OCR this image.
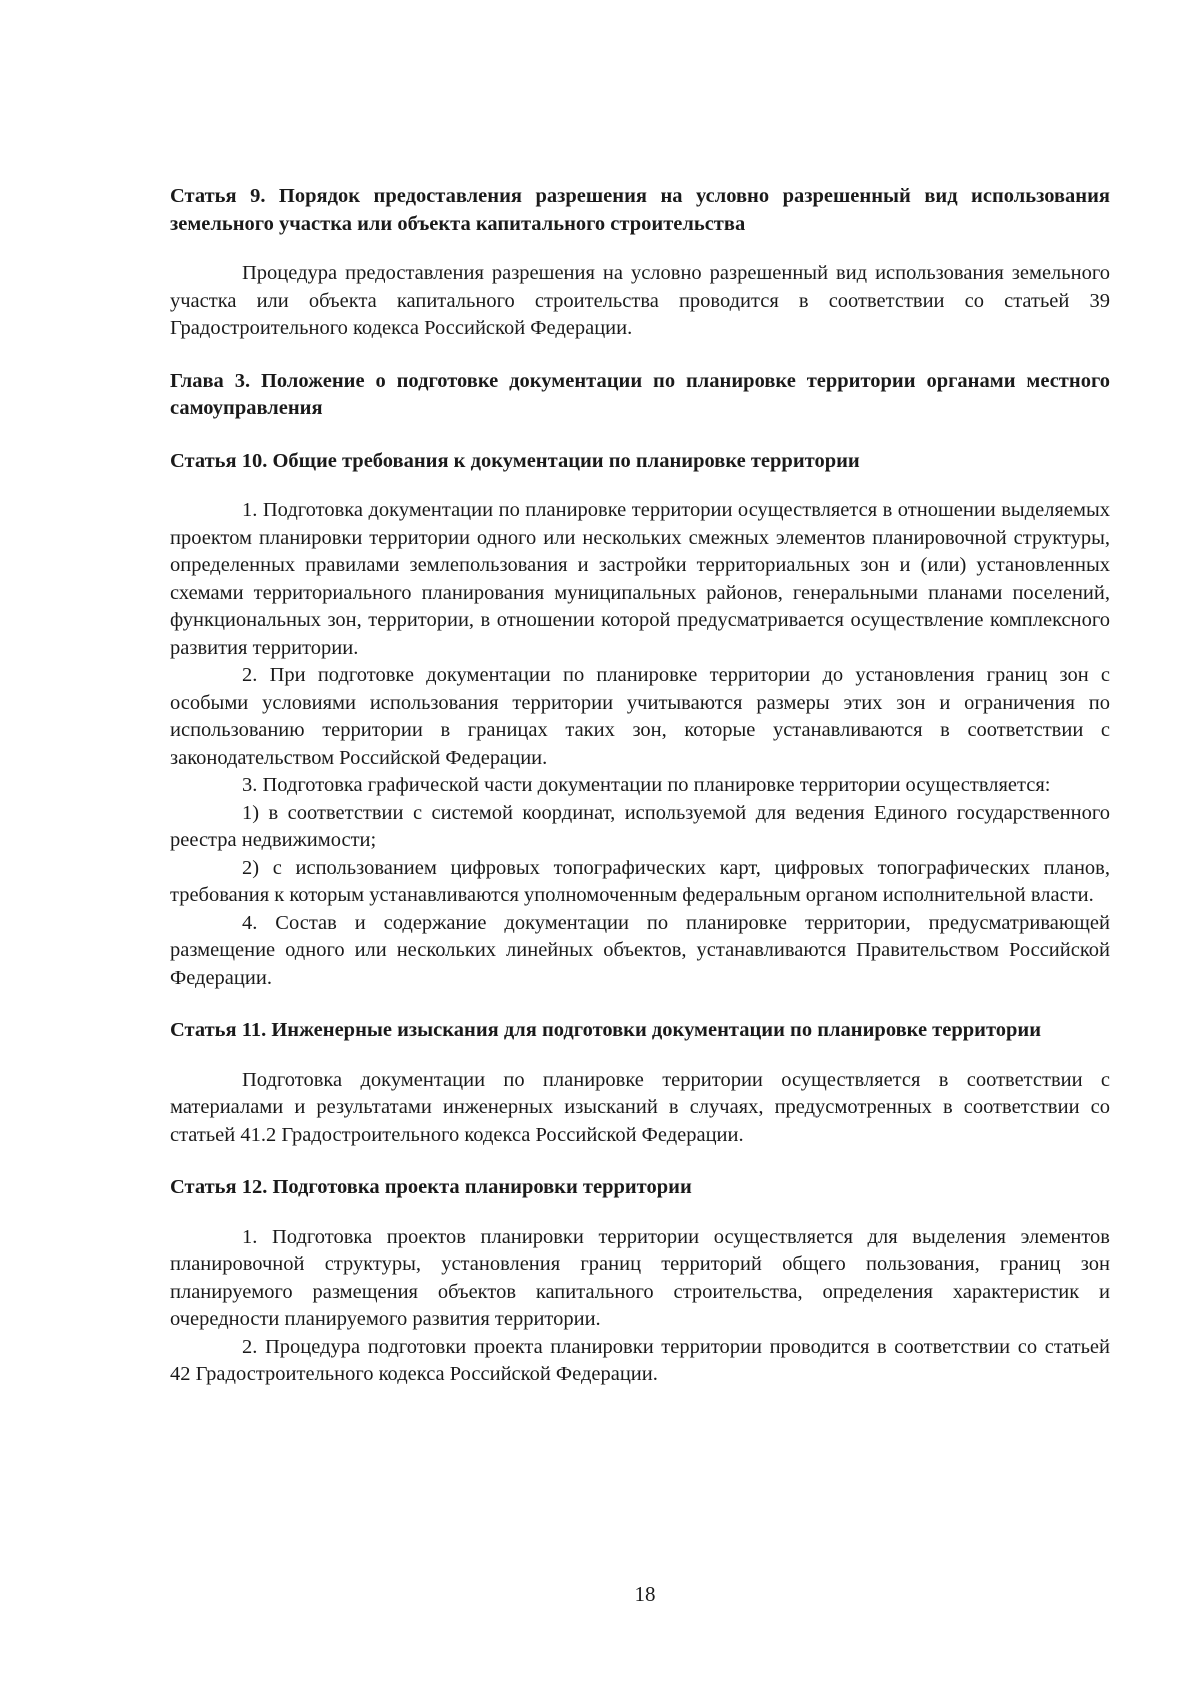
Статья 9. Порядок предоставления разрешения на условно разрешенный вид использования земельного участка или объекта капитального строительства

Процедура предоставления разрешения на условно разрешенный вид использования земельного участка или объекта капитального строительства проводится в соответствии со статьей 39 Градостроительного кодекса Российской Федерации.

Глава 3. Положение о подготовке документации по планировке территории органами местного самоуправления

Статья 10. Общие требования к документации по планировке территории

1. Подготовка документации по планировке территории осуществляется в отношении выделяемых проектом планировки территории одного или нескольких смежных элементов планировочной структуры, определенных правилами землепользования и застройки территориальных зон и (или) установленных схемами территориального планирования муниципальных районов, генеральными планами поселений, функциональных зон, территории, в отношении которой предусматривается осуществление комплексного развития территории.

2. При подготовке документации по планировке территории до установления границ зон с особыми условиями использования территории учитываются размеры этих зон и ограничения по использованию территории в границах таких зон, которые устанавливаются в соответствии с законодательством Российской Федерации.

3. Подготовка графической части документации по планировке территории осуществляется:

1) в соответствии с системой координат, используемой для ведения Единого государственного реестра недвижимости;

2) с использованием цифровых топографических карт, цифровых топографических планов, требования к которым устанавливаются уполномоченным федеральным органом исполнительной власти.

4. Состав и содержание документации по планировке территории, предусматривающей размещение одного или нескольких линейных объектов, устанавливаются Правительством Российской Федерации.

Статья 11. Инженерные изыскания для подготовки документации по планировке территории

Подготовка документации по планировке территории осуществляется в соответствии с материалами и результатами инженерных изысканий в случаях, предусмотренных в соответствии со статьей 41.2 Градостроительного кодекса Российской Федерации.

Статья 12. Подготовка проекта планировки территории

1. Подготовка проектов планировки территории осуществляется для выделения элементов планировочной структуры, установления границ территорий общего пользования, границ зон планируемого размещения объектов капитального строительства, определения характеристик и очередности планируемого развития территории.

2. Процедура подготовки проекта планировки территории проводится в соответствии со статьей 42 Градостроительного кодекса Российской Федерации.

18
